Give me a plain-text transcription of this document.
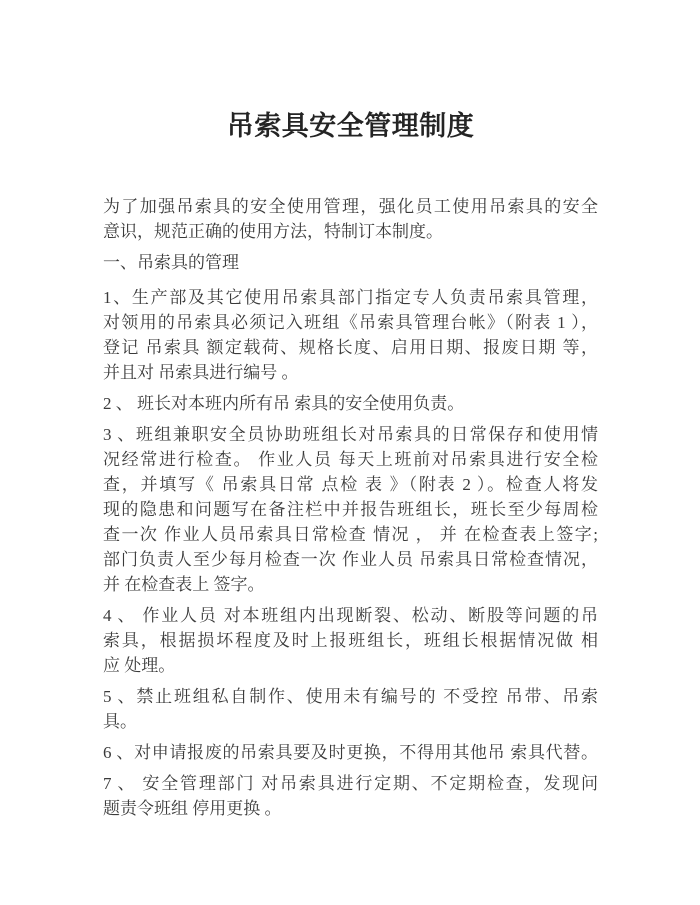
吊索具安全管理制度
为了加强吊索具的安全使用管理，强化员工使用吊索具的安全
意识，规范正确的使用方法，特制订本制度。
一、吊索具的管理
1、生产部及其它使用吊索具部门指定专人负责吊索具管理，
对领用的吊索具必须记入班组《吊索具管理台帐》（附表 1 ），
登记 吊索具 额定载荷、规格长度、启用日期、报废日期 等，
并且对 吊索具进行编号 。
2 、 班长对本班内所有吊 索具的安全使用负责。
3 、班组兼职安全员协助班组长对吊索具的日常保存和使用情
况经常进行检查。 作业人员 每天上班前对吊索具进行安全检
查，并填写《 吊索具日常 点检 表 》（附表 2 ）。检查人将发
现的隐患和问题写在备注栏中并报告班组长，班长至少每周检
查一次 作业人员吊索具日常检查 情况 ， 并 在检查表上签字;
部门负责人至少每月检查一次 作业人员 吊索具日常检查情况，
并 在检查表上 签字。
4 、 作业人员 对本班组内出现断裂、松动、断股等问题的吊
索具，根据损坏程度及时上报班组长，班组长根据情况做 相
应 处理。
5 、禁止班组私自制作、使用未有编号的 不受控 吊带、吊索
具。
6 、对申请报废的吊索具要及时更换，不得用其他吊 索具代替。
7 、 安全管理部门 对吊索具进行定期、不定期检查，发现问
题责令班组 停用更换 。
